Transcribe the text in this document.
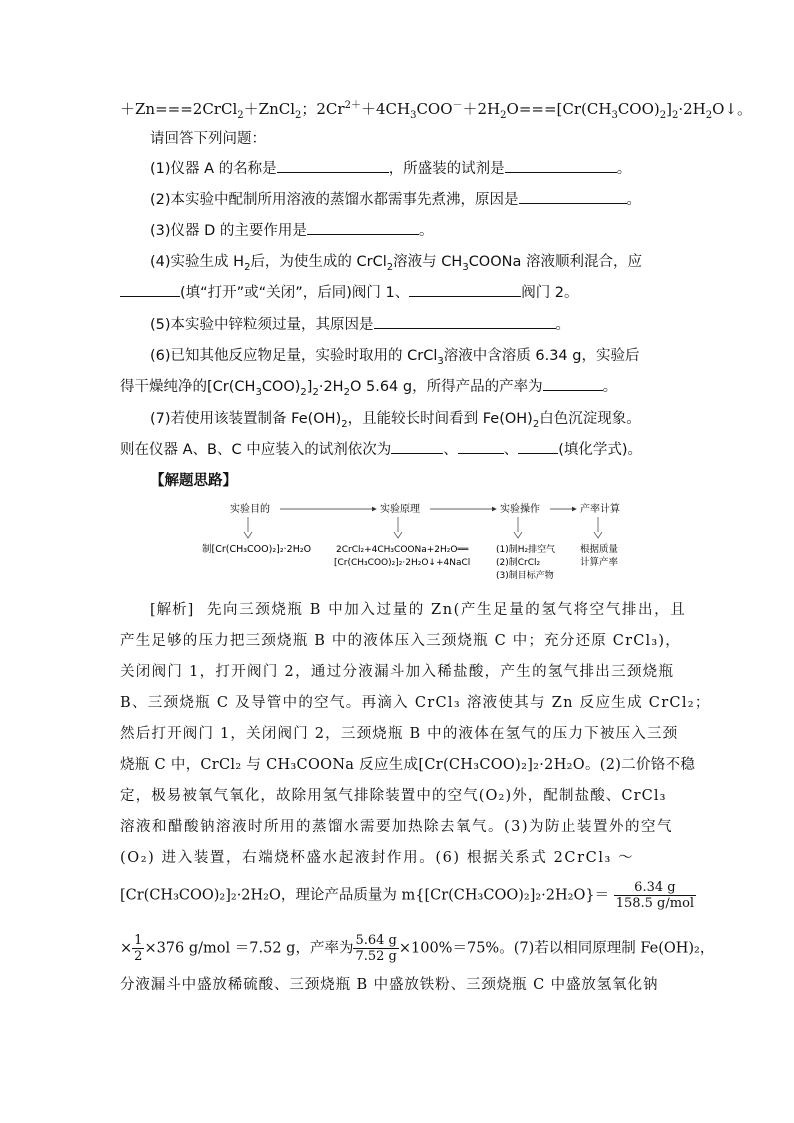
＋Zn===2CrCl$_2$＋ZnCl$_2$；$2Cr^{2+}+4CH_3COO^-+2H_2O===[Cr(CH_3COO)_2]_2\cdot 2H_2O↓$。
请回答下列问题：
(1)仪器 A 的名称是	，所盛装的试剂是	。
(2)本实验中配制所用溶液的蒸馏水都需事先煮沸，原因是	。
(3)仪器 D 的主要作用是	。
(4)实验生成 $H_2$后，为使生成的 CrCl$_2$溶液与 $CH_3COONa$ 溶液顺利混合，应
(填“打开”或“关闭”，后同)阀门 1、	阀门 2。
(5)本实验中锌粒须过量，其原因是	。
(6)已知其他反应物足量，实验时取用的 CrCl$_3$溶液中含溶质 6.34 g，实验后
得干燥纯净的$[Cr(CH_3COO)_2]_2\cdot 2H_2O$ 5.64 g，所得产品的产率为	。
(7)若使用该装置制备 $Fe(OH)_2$，且能较长时间看到 $Fe(OH)_2$白色沉淀现象。
则在仪器 A、B、C 中应装入的试剂依次为	、	、	(填化学式)。
【解题思路】
实验目的	实验原理	实验操作	产率计算
制[Cr(CH₃COO)₂]₂·2H₂O	2CrCl₂+4CH₃COONa+2H₂O══
[Cr(CH₃COO)₂]₂·2H₂O↓+4NaCl
(1)制H₂排空气
(2)制CrCl₂
(3)制目标产物
根据质量
计算产率
[解析] 先向三颈烧瓶 B 中加入过量的 Zn(产生足量的氢气将空气排出，且
产生足够的压力把三颈烧瓶 B 中的液体压入三颈烧瓶 C 中；充分还原 CrCl₃)，
关闭阀门 1，打开阀门 2，通过分液漏斗加入稀盐酸，产生的氢气排出三颈烧瓶
B、三颈烧瓶 C 及导管中的空气。再滴入 CrCl₃ 溶液使其与 Zn 反应生成 CrCl₂；
然后打开阀门 1，关闭阀门 2，三颈烧瓶 B 中的液体在氢气的压力下被压入三颈
烧瓶 C 中，CrCl₂ 与 CH₃COONa 反应生成[Cr(CH₃COO)₂]₂·2H₂O。(2)二价铬不稳
定，极易被氧气氧化，故除用氢气排除装置中的空气(O₂)外，配制盐酸、CrCl₃
溶液和醋酸钠溶液时所用的蒸馏水需要加热除去氧气。(3)为防止装置外的空气
(O₂) 进入装置，右端烧杯盛水起液封作用。(6) 根据关系式 2CrCl₃ ～
[Cr(CH₃COO)₂]₂·2H₂O，理论产品质量为 $m\{[Cr(CH_3COO)_2]_2\cdot 2H_2O\}= \frac{6.34 g}{\text{158.5 g/mol}}$
× $\frac{1}{2} \times 376$ g/mol ＝7.52 g，产率为 $\frac{5.64 g}{7.52 g} \times 100\%=75\%$。(7)若以相同原理制 Fe(OH)₂，
分液漏斗中盛放稀硫酸、三颈烧瓶 B 中盛放铁粉、三颈烧瓶 C 中盛放氢氧化钠
